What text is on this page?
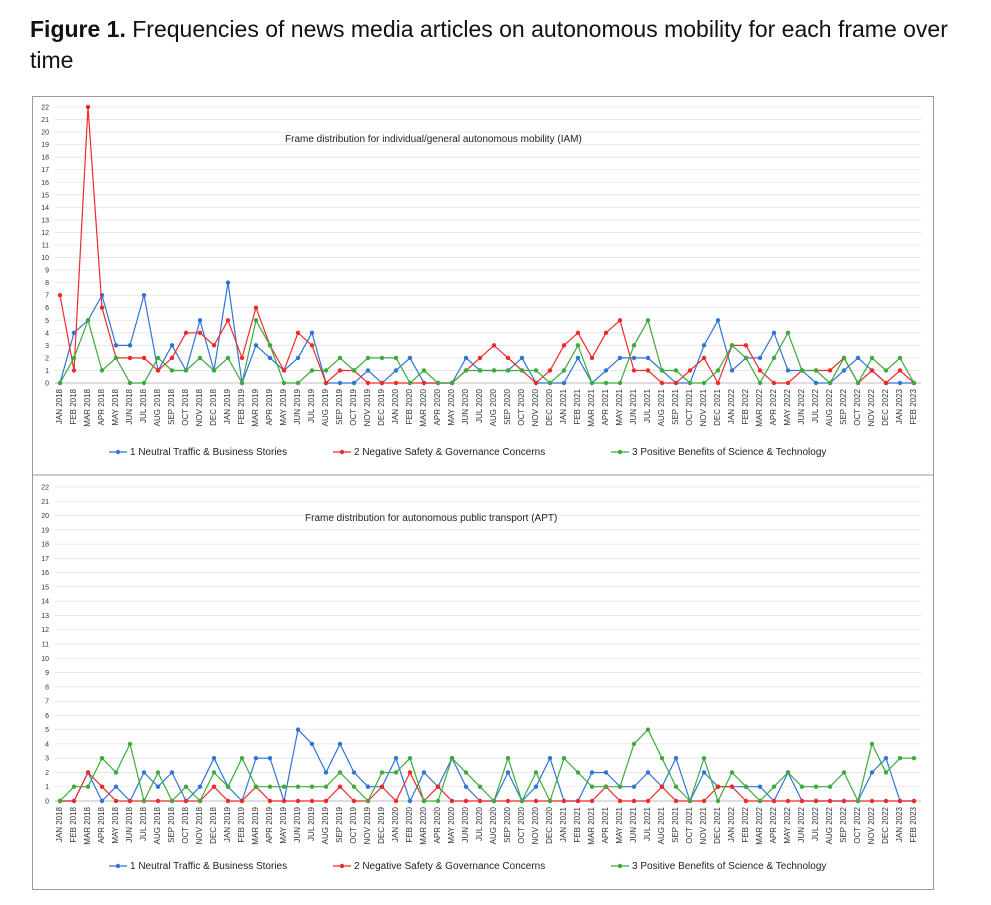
Figure 1. Frequencies of news media articles on autonomous mobility for each frame over time
0
1
2
3
4
5
6
7
8
9
10
11
12
13
14
15
16
17
18
19
20
21
22
JAN 2018 FEB 2018 MAR 2018 APR 2018 MAY 2018 JUN 2018 JUL 2018 AUG 2018 SEP 2018 OCT 2018 NOV 2018 DEC 2018 JAN 2019 FEB 2019 MAR 2019 APR 2019 MAY 2019 JUN 2019 JUL 2019 AUG 2019 SEP 2019 OCT 2019 NOV 2019 DEC 2019 JAN 2020 FEB 2020 MAR 2020 APR 2020 MAY 2020 JUN 2020 JUL 2020 AUG 2020 SEP 2020 OCT 2020 NOV 2020 DEC 2020 JAN 2021 FEB 2021 MAR 2021 APR 2021 MAY 2021 JUN 2021 JUL 2021 AUG 2021 SEP 2021 OCT 2021 NOV 2021 DEC 2021 JAN 2022 FEB 2022 MAR 2022 APR 2022 MAY 2022 JUN 2022 JUL 2022 AUG 2022 SEP 2022 OCT 2022 NOV 2022 DEC 2022 JAN 2023 FEB 2023
Frame distribution for individual/general autonomous mobility (IAM)
1 Neutral Traffic & Business Stories	2 Negative Safety & Governance Concerns	3 Positive Benefits of Science & Technology
0
1
2
3
4
5
6
7
8
9
10
11
12
13
14
15
16
17
18
19
20
21
22
JAN 2018 FEB 2018 MAR 2018 APR 2018 MAY 2018 JUN 2018 JUL 2018 AUG 2018 SEP 2018 OCT 2018 NOV 2018 DEC 2018 JAN 2019 FEB 2019 MAR 2019 APR 2019 MAY 2019 JUN 2019 JUL 2019 AUG 2019 SEP 2019 OCT 2019 NOV 2019 DEC 2019 JAN 2020 FEB 2020 MAR 2020 APR 2020 MAY 2020 JUN 2020 JUL 2020 AUG 2020 SEP 2020 OCT 2020 NOV 2020 DEC 2020 JAN 2021 FEB 2021 MAR 2021 APR 2021 MAY 2021 JUN 2021 JUL 2021 AUG 2021 SEP 2021 OCT 2021 NOV 2021 DEC 2021 JAN 2022 FEB 2022 MAR 2022 APR 2022 MAY 2022 JUN 2022 JUL 2022 AUG 2022 SEP 2022 OCT 2022 NOV 2022 DEC 2022 JAN 2023 FEB 2023
Frame distribution for autonomous public transport (APT)
1 Neutral Traffic & Business Stories	2 Negative Safety & Governance Concerns	3 Positive Benefits of Science & Technology
